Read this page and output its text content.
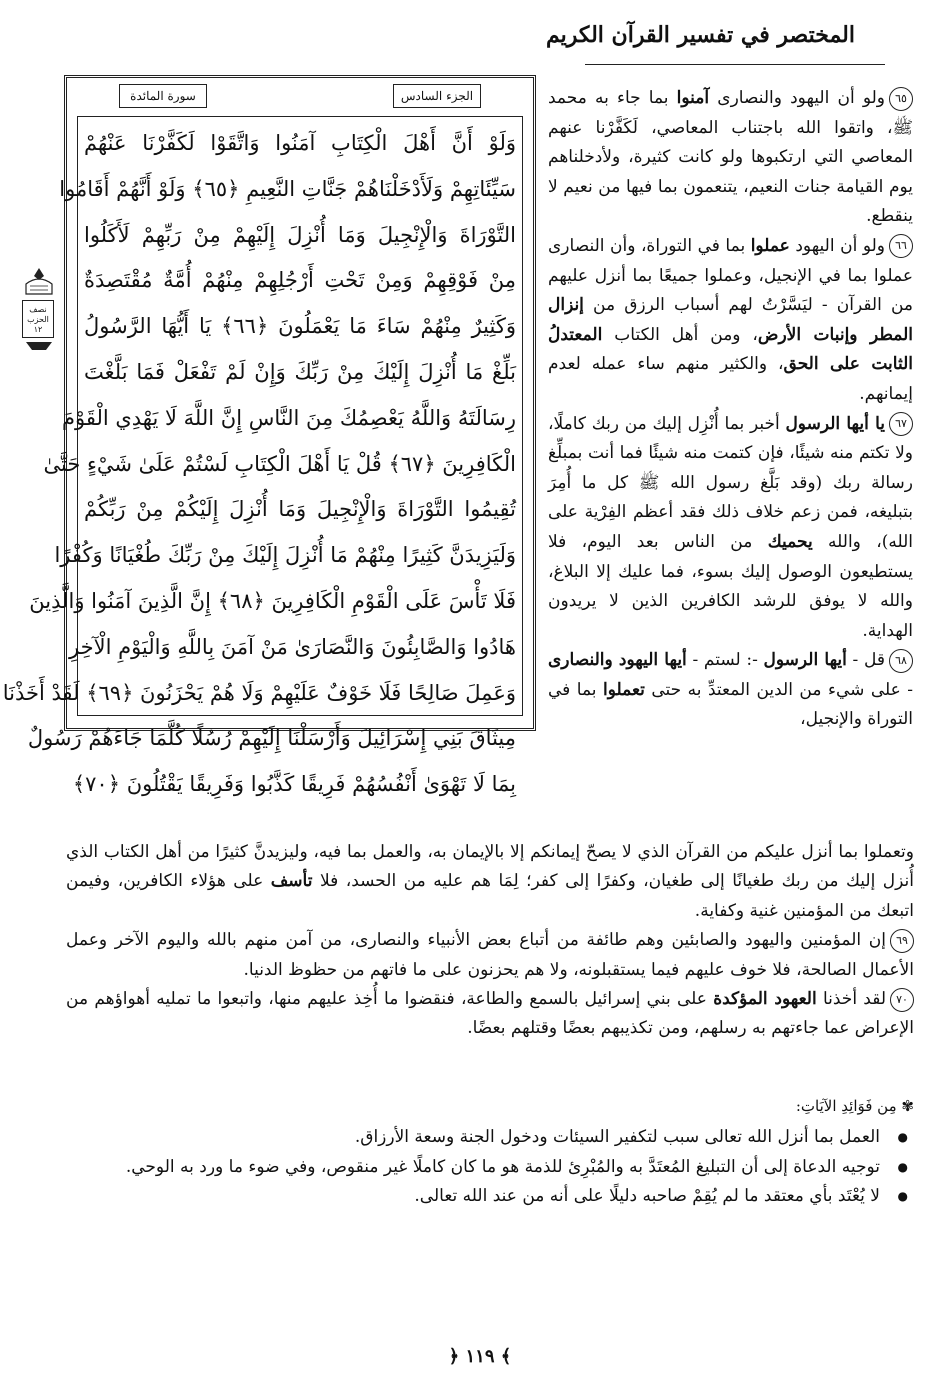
المختصر في تفسير القرآن الكريم
نصف الحزب ١٢
سورة المائدة	الجزء السادس
وَلَوْ أَنَّ أَهْلَ الْكِتَابِ آمَنُوا وَاتَّقَوْا لَكَفَّرْنَا عَنْهُمْ
سَيِّئَاتِهِمْ وَلَأَدْخَلْنَاهُمْ جَنَّاتِ النَّعِيمِ ﴿٦٥﴾ وَلَوْ أَنَّهُمْ أَقَامُوا
التَّوْرَاةَ وَالْإِنْجِيلَ وَمَا أُنْزِلَ إِلَيْهِمْ مِنْ رَبِّهِمْ لَأَكَلُوا
مِنْ فَوْقِهِمْ وَمِنْ تَحْتِ أَرْجُلِهِمْ مِنْهُمْ أُمَّةٌ مُقْتَصِدَةٌ
وَكَثِيرٌ مِنْهُمْ سَاءَ مَا يَعْمَلُونَ ﴿٦٦﴾ يَا أَيُّهَا الرَّسُولُ
بَلِّغْ مَا أُنْزِلَ إِلَيْكَ مِنْ رَبِّكَ وَإِنْ لَمْ تَفْعَلْ فَمَا بَلَّغْتَ
رِسَالَتَهُ وَاللَّهُ يَعْصِمُكَ مِنَ النَّاسِ إِنَّ اللَّهَ لَا يَهْدِي الْقَوْمَ
الْكَافِرِينَ ﴿٦٧﴾ قُلْ يَا أَهْلَ الْكِتَابِ لَسْتُمْ عَلَىٰ شَيْءٍ حَتَّىٰ
تُقِيمُوا التَّوْرَاةَ وَالْإِنْجِيلَ وَمَا أُنْزِلَ إِلَيْكُمْ مِنْ رَبِّكُمْ
وَلَيَزِيدَنَّ كَثِيرًا مِنْهُمْ مَا أُنْزِلَ إِلَيْكَ مِنْ رَبِّكَ طُغْيَانًا وَكُفْرًا
فَلَا تَأْسَ عَلَى الْقَوْمِ الْكَافِرِينَ ﴿٦٨﴾ إِنَّ الَّذِينَ آمَنُوا وَالَّذِينَ
هَادُوا وَالصَّابِئُونَ وَالنَّصَارَىٰ مَنْ آمَنَ بِاللَّهِ وَالْيَوْمِ الْآخِرِ
وَعَمِلَ صَالِحًا فَلَا خَوْفٌ عَلَيْهِمْ وَلَا هُمْ يَحْزَنُونَ ﴿٦٩﴾ لَقَدْ أَخَذْنَا
مِيثَاقَ بَنِي إِسْرَائِيلَ وَأَرْسَلْنَا إِلَيْهِمْ رُسُلًا كُلَّمَا جَاءَهُمْ رَسُولٌ
بِمَا لَا تَهْوَىٰ أَنْفُسُهُمْ فَرِيقًا كَذَّبُوا وَفَرِيقًا يَقْتُلُونَ ﴿٧٠﴾

٦٥ولو أن اليهود والنصارى آمنوا بما جاء به محمد ﷺ، واتقوا الله باجتناب المعاصي، لَكَفَّرْنا عنهم المعاصي التي ارتكبوها ولو كانت كثيرة، ولأدخلناهم يوم القيامة جنات النعيم، يتنعمون بما فيها من نعيم لا ينقطع.

٦٦ولو أن اليهود عملوا بما في التوراة، وأن النصارى عملوا بما في الإنجيل، وعملوا جميعًا بما أنزل عليهم من القرآن - ليَسَّرْتُ لهم أسباب الرزق من إنزال المطر وإنبات الأرض، ومن أهل الكتاب المعتدلُ الثابت على الحق، والكثير منهم ساء عمله لعدم إيمانهم.

٦٧يا أيها الرسول أخبر بما أُنْزِل إليك من ربك كاملًا، ولا تكتم منه شيئًا، فإن كتمت منه شيئًا فما أنت بمبلِّغ رسالة ربك (وقد بَلَّغ رسول الله ﷺ كل ما أُمِرَ بتبليغه، فمن زعم خلاف ذلك فقد أعظم الفِرْية على الله)، والله يحميك من الناس بعد اليوم، فلا يستطيعون الوصول إليك بسوء، فما عليك إلا البلاغ، والله لا يوفق للرشد الكافرين الذين لا يريدون الهداية.

٦٨قل - أيها الرسول -: لستم - أيها اليهود والنصارى - على شيء من الدين المعتدِّ به حتى تعملوا بما في التوراة والإنجيل،

وتعملوا بما أنزل عليكم من القرآن الذي لا يصحّ إيمانكم إلا بالإيمان به، والعمل بما فيه، وليزيدنَّ كثيرًا من أهل الكتاب الذي أُنزل إليك من ربك طغيانًا إلى طغيان، وكفرًا إلى كفر؛ لِمَا هم عليه من الحسد، فلا تأسف على هؤلاء الكافرين، وفيمن اتبعك من المؤمنين غنية وكفاية.

٦٩إن المؤمنين واليهود والصابئين وهم طائفة من أتباع بعض الأنبياء والنصارى، من آمن منهم بالله واليوم الآخر وعمل الأعمال الصالحة، فلا خوف عليهم فيما يستقبلونه، ولا هم يحزنون على ما فاتهم من حظوظ الدنيا.

٧٠لقد أخذنا العهود المؤكدة على بني إسرائيل بالسمع والطاعة، فنقضوا ما أُخِذ عليهم منها، واتبعوا ما تمليه أهواؤهم من الإعراض عما جاءتهم به رسلهم، ومن تكذيبهم بعضًا وقتلهم بعضًا.

✾ مِن فَوَائِدِ الآيَاتِ:
● العمل بما أنزل الله تعالى سبب لتكفير السيئات ودخول الجنة وسعة الأرزاق.
● توجيه الدعاة إلى أن التبليغ المُعتَدَّ به والمُبْرِئ للذمة هو ما كان كاملًا غير منقوص، وفي ضوء ما ورد به الوحي.
● لا يُعْتَد بأي معتقد ما لم يُقِمْ صاحبه دليلًا على أنه من عند الله تعالى.
﴾ ١١٩ ﴿
